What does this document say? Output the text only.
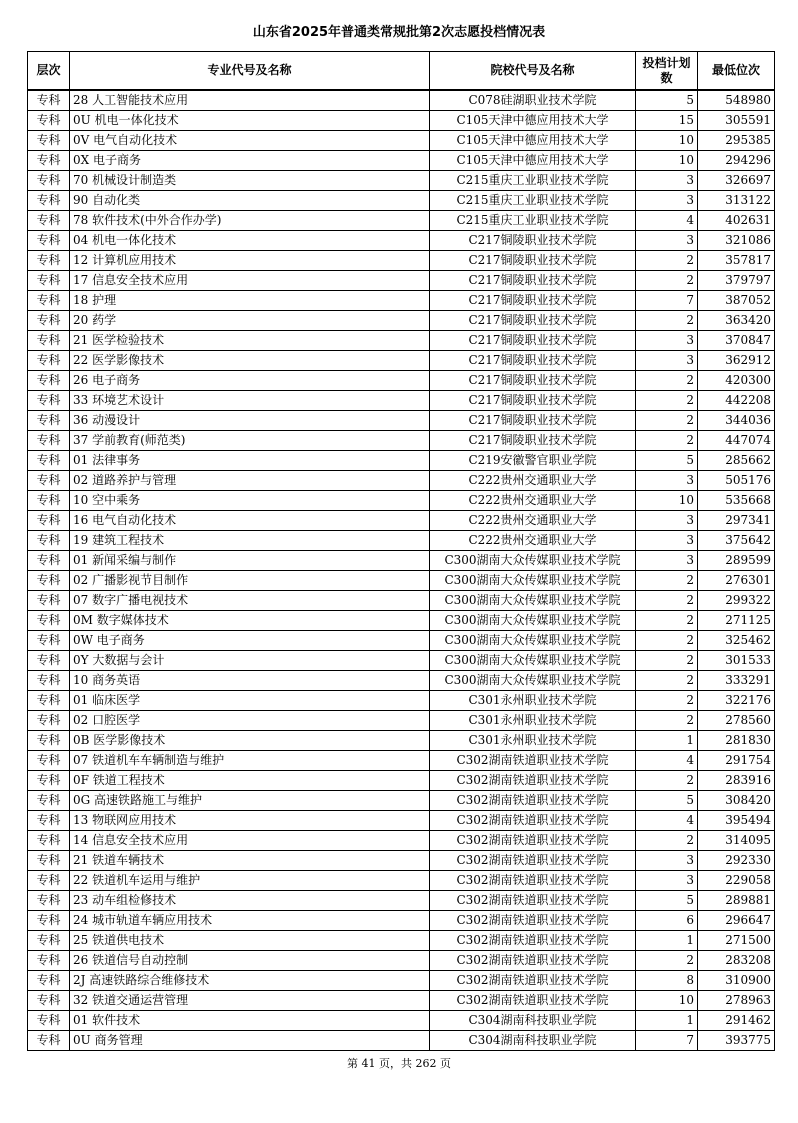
山东省2025年普通类常规批第2次志愿投档情况表
层次	专业代号及名称	院校代号及名称	投档计划数	最低位次
专科	28 人工智能技术应用	C078硅湖职业技术学院	5	548980
专科	0U 机电一体化技术	C105天津中德应用技术大学	15	305591
专科	0V 电气自动化技术	C105天津中德应用技术大学	10	295385
专科	0X 电子商务	C105天津中德应用技术大学	10	294296
专科	70 机械设计制造类	C215重庆工业职业技术学院	3	326697
专科	90 自动化类	C215重庆工业职业技术学院	3	313122
专科	78 软件技术(中外合作办学)	C215重庆工业职业技术学院	4	402631
专科	04 机电一体化技术	C217铜陵职业技术学院	3	321086
专科	12 计算机应用技术	C217铜陵职业技术学院	2	357817
专科	17 信息安全技术应用	C217铜陵职业技术学院	2	379797
专科	18 护理	C217铜陵职业技术学院	7	387052
专科	20 药学	C217铜陵职业技术学院	2	363420
专科	21 医学检验技术	C217铜陵职业技术学院	3	370847
专科	22 医学影像技术	C217铜陵职业技术学院	3	362912
专科	26 电子商务	C217铜陵职业技术学院	2	420300
专科	33 环境艺术设计	C217铜陵职业技术学院	2	442208
专科	36 动漫设计	C217铜陵职业技术学院	2	344036
专科	37 学前教育(师范类)	C217铜陵职业技术学院	2	447074
专科	01 法律事务	C219安徽警官职业学院	5	285662
专科	02 道路养护与管理	C222贵州交通职业大学	3	505176
专科	10 空中乘务	C222贵州交通职业大学	10	535668
专科	16 电气自动化技术	C222贵州交通职业大学	3	297341
专科	19 建筑工程技术	C222贵州交通职业大学	3	375642
专科	01 新闻采编与制作	C300湖南大众传媒职业技术学院	3	289599
专科	02 广播影视节目制作	C300湖南大众传媒职业技术学院	2	276301
专科	07 数字广播电视技术	C300湖南大众传媒职业技术学院	2	299322
专科	0M 数字媒体技术	C300湖南大众传媒职业技术学院	2	271125
专科	0W 电子商务	C300湖南大众传媒职业技术学院	2	325462
专科	0Y 大数据与会计	C300湖南大众传媒职业技术学院	2	301533
专科	10 商务英语	C300湖南大众传媒职业技术学院	2	333291
专科	01 临床医学	C301永州职业技术学院	2	322176
专科	02 口腔医学	C301永州职业技术学院	2	278560
专科	0B 医学影像技术	C301永州职业技术学院	1	281830
专科	07 铁道机车车辆制造与维护	C302湖南铁道职业技术学院	4	291754
专科	0F 铁道工程技术	C302湖南铁道职业技术学院	2	283916
专科	0G 高速铁路施工与维护	C302湖南铁道职业技术学院	5	308420
专科	13 物联网应用技术	C302湖南铁道职业技术学院	4	395494
专科	14 信息安全技术应用	C302湖南铁道职业技术学院	2	314095
专科	21 铁道车辆技术	C302湖南铁道职业技术学院	3	292330
专科	22 铁道机车运用与维护	C302湖南铁道职业技术学院	3	229058
专科	23 动车组检修技术	C302湖南铁道职业技术学院	5	289881
专科	24 城市轨道车辆应用技术	C302湖南铁道职业技术学院	6	296647
专科	25 铁道供电技术	C302湖南铁道职业技术学院	1	271500
专科	26 铁道信号自动控制	C302湖南铁道职业技术学院	2	283208
专科	2J 高速铁路综合维修技术	C302湖南铁道职业技术学院	8	310900
专科	32 铁道交通运营管理	C302湖南铁道职业技术学院	10	278963
专科	01 软件技术	C304湖南科技职业学院	1	291462
专科	0U 商务管理	C304湖南科技职业学院	7	393775
第 41 页，共 262 页
